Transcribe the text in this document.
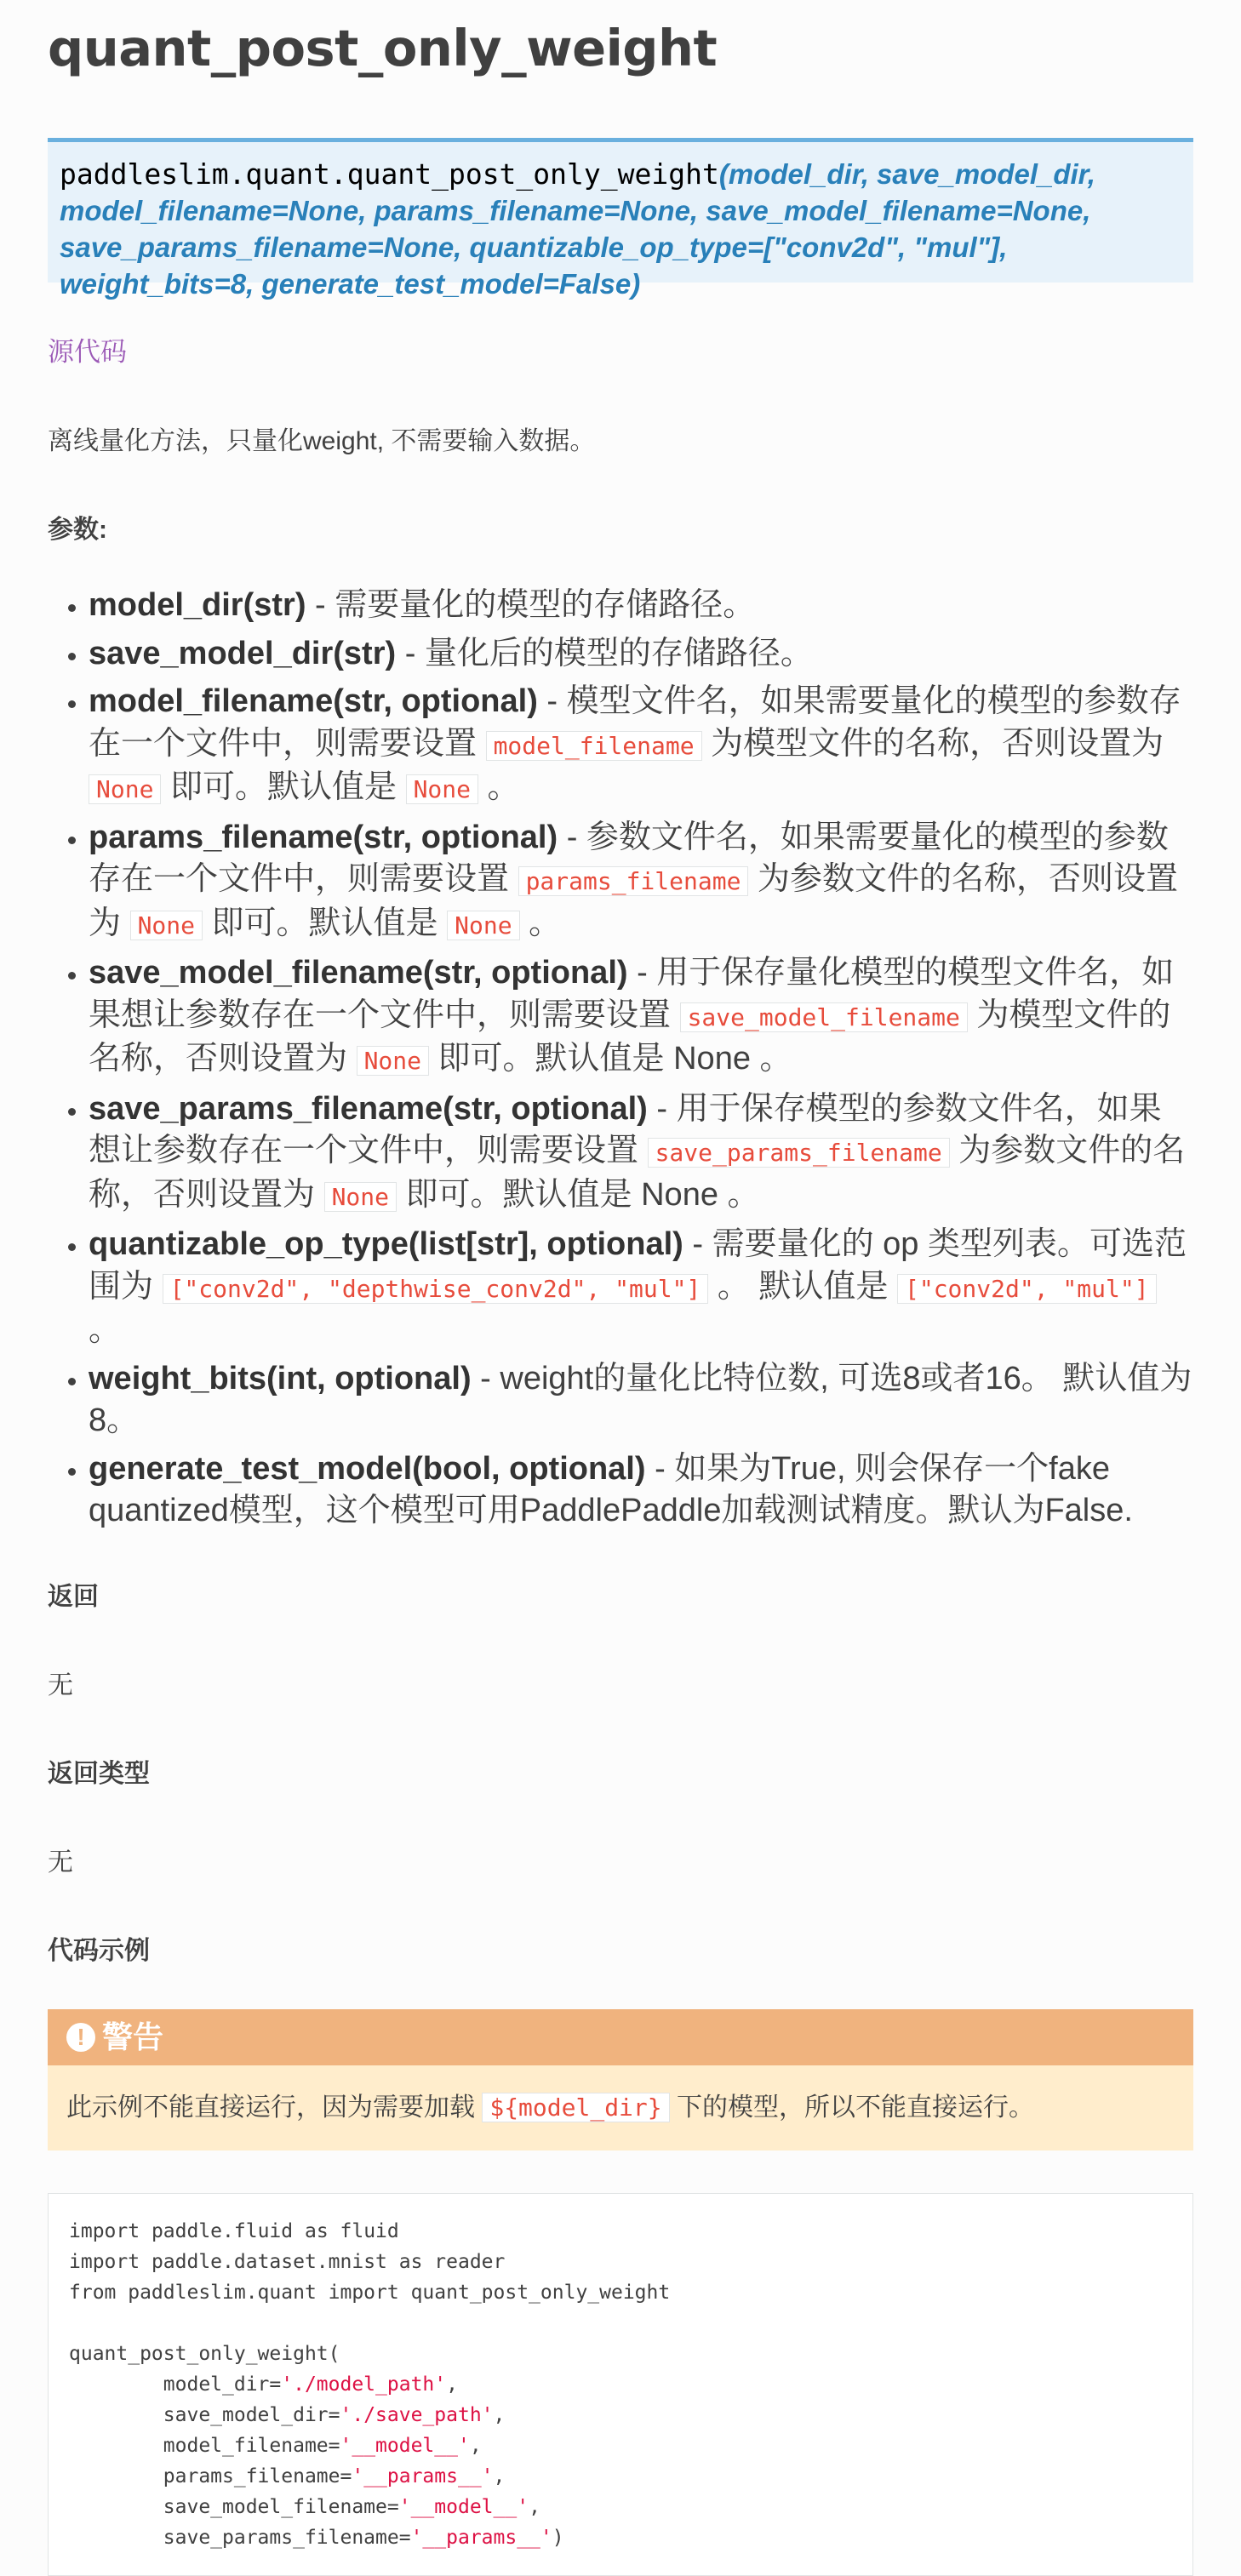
quant_post_only_weight
paddleslim.quant.quant_post_only_weight(model_dir, save_model_dir, model_filename=None, params_filename=None, save_model_filename=None, save_params_filename=None, quantizable_op_type=["conv2d", "mul"], weight_bits=8, generate_test_model=False)
源代码

离线量化方法，只量化weight, 不需要输入数据。

参数:

• model_dir(str) - 需要量化的模型的存储路径。
• save_model_dir(str) - 量化后的模型的存储路径。
• model_filename(str, optional) - 模型文件名，如果需要量化的模型的参数存在一个文件中，则需要设置 model_filename 为模型文件的名称，否则设置为 None 即可。默认值是 None 。
• params_filename(str, optional) - 参数文件名，如果需要量化的模型的参数存在一个文件中，则需要设置 params_filename 为参数文件的名称，否则设置为 None 即可。默认值是 None 。
• save_model_filename(str, optional) - 用于保存量化模型的模型文件名，如果想让参数存在一个文件中，则需要设置 save_model_filename 为模型文件的名称，否则设置为 None 即可。默认值是 None 。
• save_params_filename(str, optional) - 用于保存模型的参数文件名，如果想让参数存在一个文件中，则需要设置 save_params_filename 为参数文件的名称，否则设置为 None 即可。默认值是 None 。
• quantizable_op_type(list[str], optional) - 需要量化的 op 类型列表。可选范围为 ["conv2d", "depthwise_conv2d", "mul"] 。 默认值是 ["conv2d", "mul"] 。
• weight_bits(int, optional) - weight的量化比特位数, 可选8或者16。 默认值为8。
• generate_test_model(bool, optional) - 如果为True, 则会保存一个fake quantized模型，这个模型可用PaddlePaddle加载测试精度。默认为False.

返回

无

返回类型

无

代码示例

! 警告
此示例不能直接运行，因为需要加载 ${model_dir} 下的模型，所以不能直接运行。
import paddle.fluid as fluid
import paddle.dataset.mnist as reader
from paddleslim.quant import quant_post_only_weight

quant_post_only_weight(
model_dir='./model_path',
save_model_dir='./save_path',
model_filename='__model__',
params_filename='__params__',
save_model_filename='__model__',
save_params_filename='__params__')
